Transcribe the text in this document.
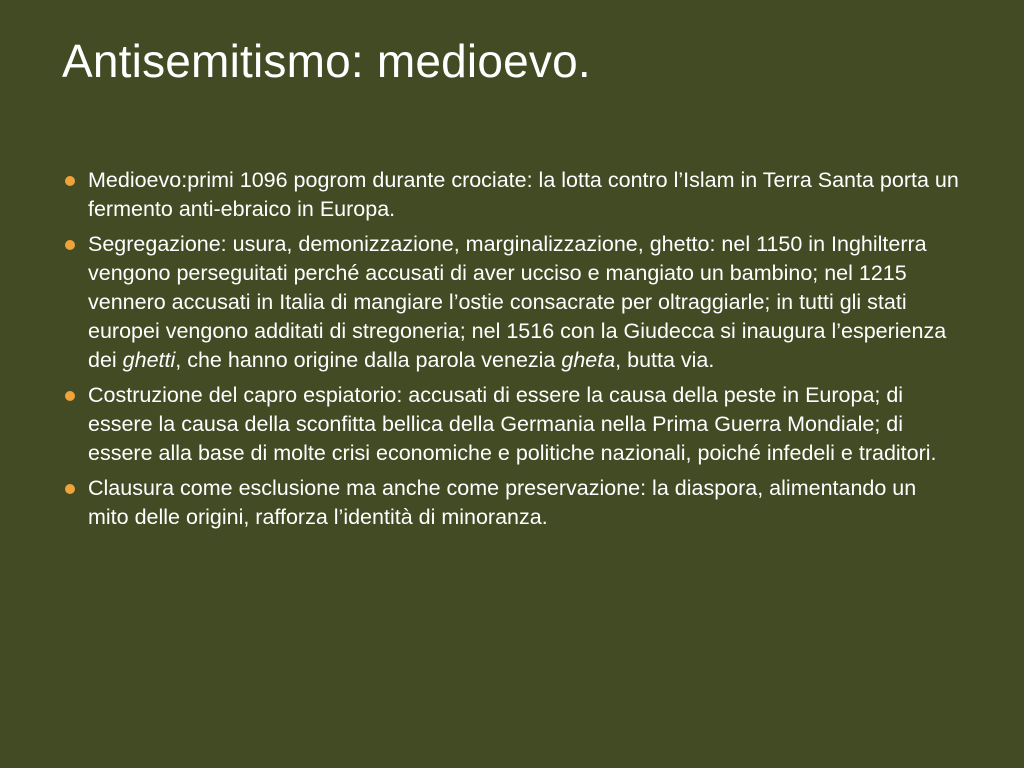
Antisemitismo: medioevo.
Medioevo:primi 1096 pogrom durante crociate: la lotta contro l’Islam in Terra Santa porta un fermento anti-ebraico in Europa.
Segregazione: usura, demonizzazione, marginalizzazione, ghetto: nel 1150 in Inghilterra vengono perseguitati perché accusati di aver ucciso e mangiato un bambino; nel 1215 vennero accusati in Italia di mangiare l’ostie consacrate per oltraggiarle; in tutti gli stati europei vengono additati di stregoneria; nel 1516 con la Giudecca si inaugura l’esperienza dei ghetti, che hanno origine dalla parola venezia gheta, butta via.
Costruzione del capro espiatorio: accusati di essere la causa della peste in Europa; di essere la causa della sconfitta bellica della Germania nella Prima Guerra Mondiale; di essere alla base di molte crisi economiche e politiche nazionali, poiché infedeli e traditori.
Clausura come esclusione ma anche come preservazione: la diaspora, alimentando un mito delle origini, rafforza l’identità di minoranza.
